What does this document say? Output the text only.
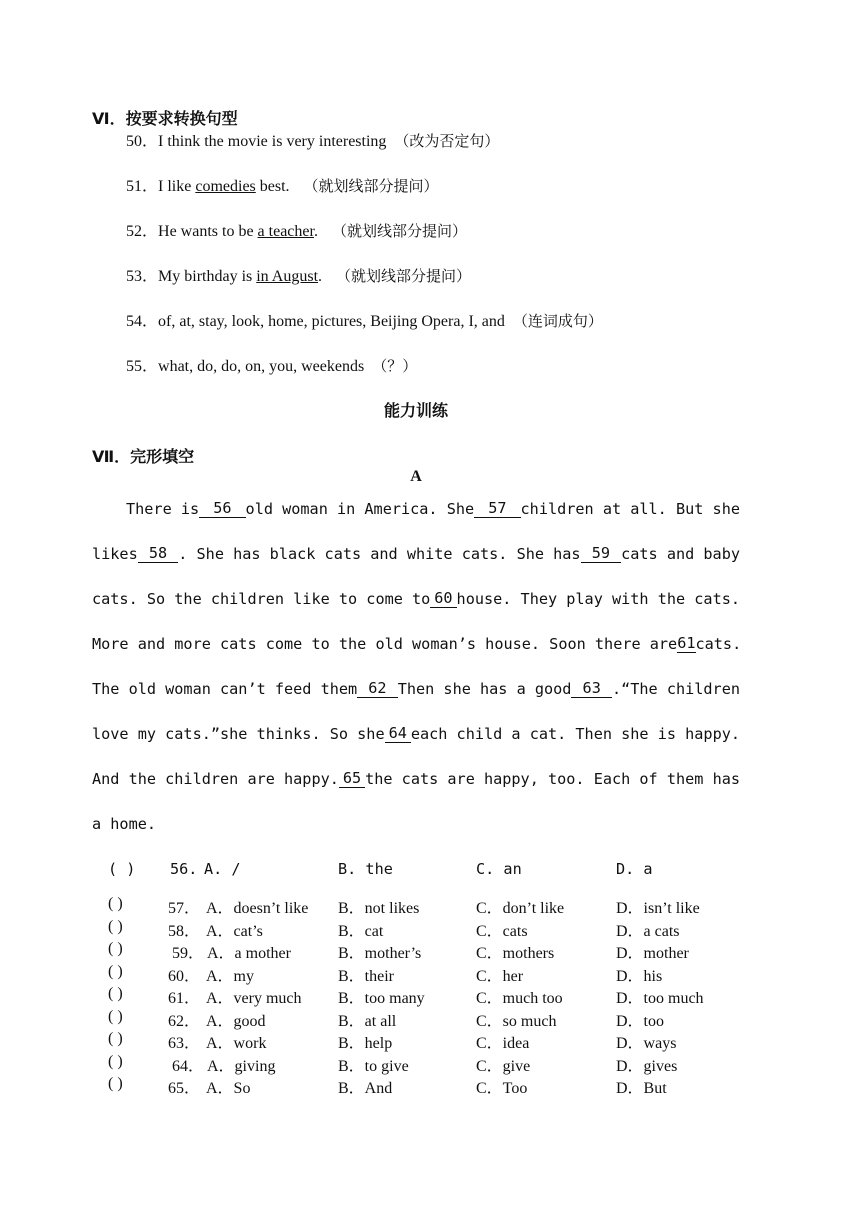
Ⅵ．按要求转换句型
50．I think the movie is very interesting （改为否定句）
51．I like comedies best. （就划线部分提问）
52．He wants to be a teacher. （就划线部分提问）
53．My birthday is in August. （就划线部分提问）
54．of, at, stay, look, home, pictures, Beijing Opera, I, and （连词成句）
55．what, do, do, on, you, weekends （？）
能力训练
Ⅶ．完形填空
A
There is 56 old woman in America. She 57 children at all. But she
likes 58 . She has black cats and white cats. She has 59 cats and baby
cats. So the children like to come to 60 house. They play with the cats.
More and more cats come to the old woman’s house. Soon there are 61 cats.
The old woman can’t feed them 62 Then she has a good 63 .“The children
love my cats.”she thinks. So she 64 each child a cat. Then she is happy.
And the children are happy. 65 the cats are happy, too. Each of them has
a home.
( ) 56. A. /	B. the	C. an	D. a
( )	57． A．doesn’t like B．not likes	C．don’t like	D．isn’t like
( )	58． A．cat’s	B．cat	C．cats	D．a cats
( )	59． A．a mother	B．mother’s	C．mothers	D．mother
( )	60． A．my	B．their	C．her	D．his
( )	61． A．very much B．too many	C．much too	D．too much
( )	62． A．good	B．at all	C．so much	D．too
( )	63． A．work	B．help	C．idea	D．ways
( )	64． A．giving	B．to give	C．give	D．gives
( )	65． A．So	B．And	C．Too	D．But
